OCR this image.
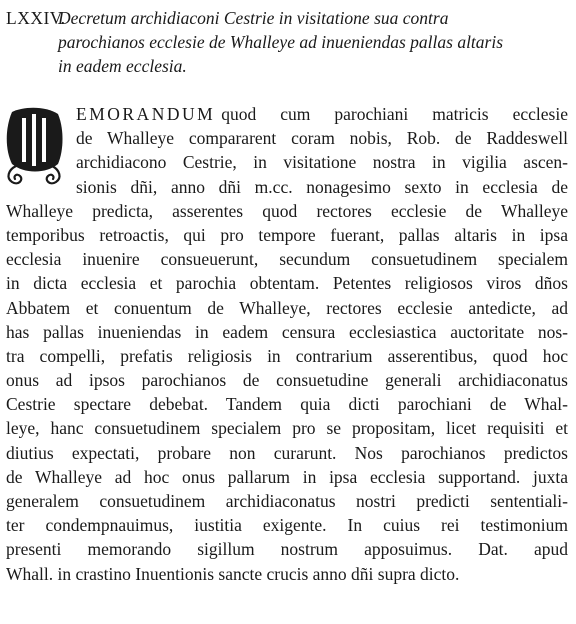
LXXIV.
Decretum archidiaconi Cestrie in visitatione sua contra
parochianos ecclesie de Whalleye ad inueniendas pallas altaris
in eadem ecclesia.
EMORANDUM quod cum parochiani matricis ecclesie
de Whalleye compararent coram nobis, Rob. de Raddeswell
archidiacono Cestrie, in visitatione nostra in vigilia ascen-
sionis dñi, anno dñi m.cc. nonagesimo sexto in ecclesia de
Whalleye predicta, asserentes quod rectores ecclesie de Whalleye
temporibus retroactis, qui pro tempore fuerant, pallas altaris in ipsa
ecclesia inuenire consueuerunt, secundum consuetudinem specialem
in dicta ecclesia et parochia obtentam. Petentes religiosos viros dños
Abbatem et conuentum de Whalleye, rectores ecclesie antedicte, ad
has pallas inueniendas in eadem censura ecclesiastica auctoritate nos-
tra compelli, prefatis religiosis in contrarium asserentibus, quod hoc
onus ad ipsos parochianos de consuetudine generali archidiaconatus
Cestrie spectare debebat. Tandem quia dicti parochiani de Whal-
leye, hanc consuetudinem specialem pro se propositam, licet requisiti et
diutius expectati, probare non curarunt. Nos parochianos predictos
de Whalleye ad hoc onus pallarum in ipsa ecclesia supportand. juxta
generalem consuetudinem archidiaconatus nostri predicti sententiali-
ter condempnauimus, iustitia exigente. In cuius rei testimonium
presenti memorando sigillum nostrum apposuimus. Dat. apud
Whall. in crastino Inuentionis sancte crucis anno dñi supra dicto.
